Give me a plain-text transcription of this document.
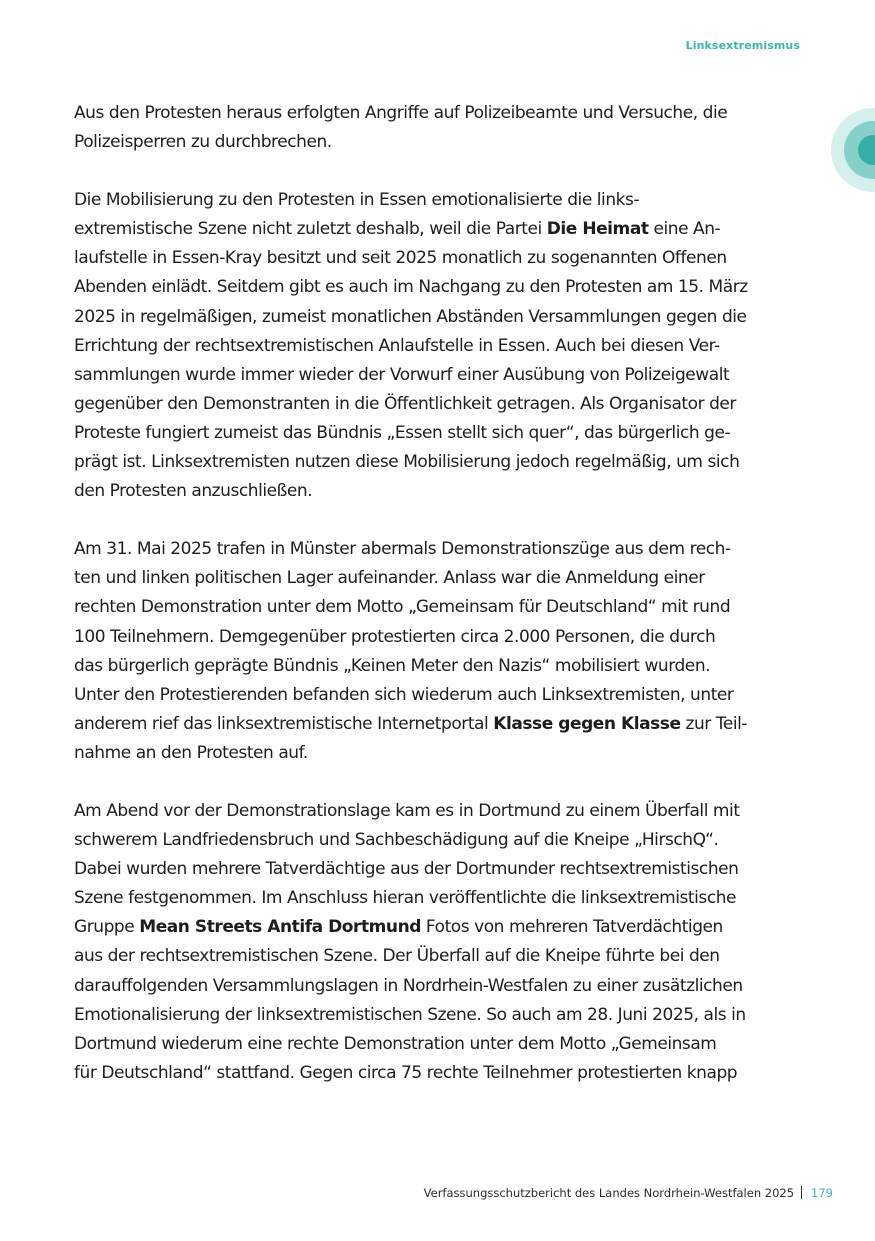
Linksextremismus

Aus den Protesten heraus erfolgten Angriffe auf Polizeibeamte und Versuche, die
Polizeisperren zu durchbrechen.

Die Mobilisierung zu den Protesten in Essen emotionalisierte die links-
extremistische Szene nicht zuletzt deshalb, weil die Partei Die Heimat eine An-
laufstelle in Essen-Kray besitzt und seit 2025 monatlich zu sogenannten Offenen
Abenden einlädt. Seitdem gibt es auch im Nachgang zu den Protesten am 15. März
2025 in regelmäßigen, zumeist monatlichen Abständen Versammlungen gegen die
Errichtung der rechtsextremistischen Anlaufstelle in Essen. Auch bei diesen Ver-
sammlungen wurde immer wieder der Vorwurf einer Ausübung von Polizeigewalt
gegenüber den Demonstranten in die Öffentlichkeit getragen. Als Organisator der
Proteste fungiert zumeist das Bündnis „Essen stellt sich quer“, das bürgerlich ge-
prägt ist. Linksextremisten nutzen diese Mobilisierung jedoch regelmäßig, um sich
den Protesten anzuschließen.

Am 31. Mai 2025 trafen in Münster abermals Demonstrationszüge aus dem rech-
ten und linken politischen Lager aufeinander. Anlass war die Anmeldung einer
rechten Demonstration unter dem Motto „Gemeinsam für Deutschland“ mit rund
100 Teilnehmern. Demgegenüber protestierten circa 2.000 Personen, die durch
das bürgerlich geprägte Bündnis „Keinen Meter den Nazis“ mobilisiert wurden.
Unter den Protestierenden befanden sich wiederum auch Linksextremisten, unter
anderem rief das linksextremistische Internetportal Klasse gegen Klasse zur Teil-
nahme an den Protesten auf.

Am Abend vor der Demonstrationslage kam es in Dortmund zu einem Überfall mit
schwerem Landfriedensbruch und Sachbeschädigung auf die Kneipe „HirschQ“.
Dabei wurden mehrere Tatverdächtige aus der Dortmunder rechtsextremistischen
Szene festgenommen. Im Anschluss hieran veröffentlichte die linksextremistische
Gruppe Mean Streets Antifa Dortmund Fotos von mehreren Tatverdächtigen
aus der rechtsextremistischen Szene. Der Überfall auf die Kneipe führte bei den
darauffolgenden Versammlungslagen in Nordrhein-Westfalen zu einer zusätzlichen
Emotionalisierung der linksextremistischen Szene. So auch am 28. Juni 2025, als in
Dortmund wiederum eine rechte Demonstration unter dem Motto „Gemeinsam
für Deutschland“ stattfand. Gegen circa 75 rechte Teilnehmer protestierten knapp

Verfassungsschutzbericht des Landes Nordrhein-Westfalen 2025 179
